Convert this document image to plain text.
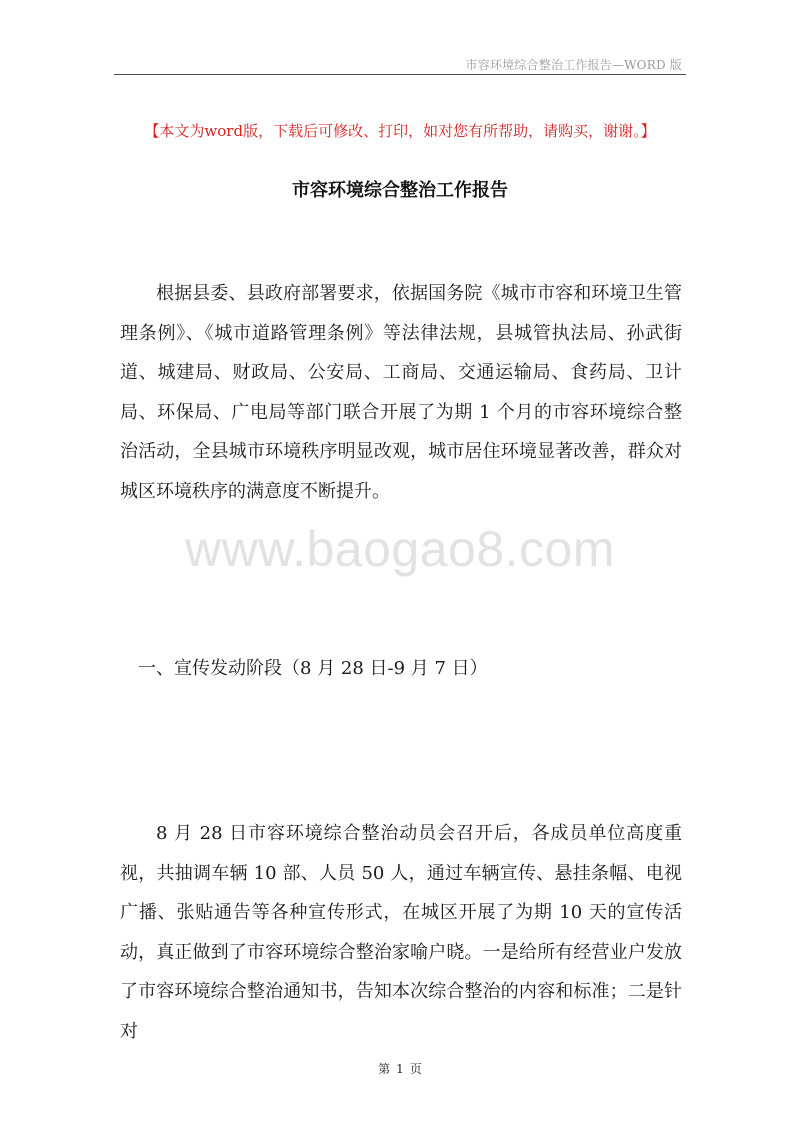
市容环境综合整治工作报告—WORD 版
【本文为word版，下载后可修改、打印，如对您有所帮助，请购买，谢谢。】
市容环境综合整治工作报告
根据县委、县政府部署要求，依据国务院《城市市容和环境卫生管理条例》、《城市道路管理条例》等法律法规，县城管执法局、孙武街道、城建局、财政局、公安局、工商局、交通运输局、食药局、卫计局、环保局、广电局等部门联合开展了为期 1 个月的市容环境综合整治活动，全县城市环境秩序明显改观，城市居住环境显著改善，群众对城区环境秩序的满意度不断提升。
www.baogao8.com
一、宣传发动阶段（8 月 28 日-9 月 7 日）
8 月 28 日市容环境综合整治动员会召开后，各成员单位高度重视，共抽调车辆 10 部、人员 50 人，通过车辆宣传、悬挂条幅、电视广播、张贴通告等各种宣传形式，在城区开展了为期 10 天的宣传活动，真正做到了市容环境综合整治家喻户晓。一是给所有经营业户发放了市容环境综合整治通知书，告知本次综合整治的内容和标准；二是针对
第 1 页
